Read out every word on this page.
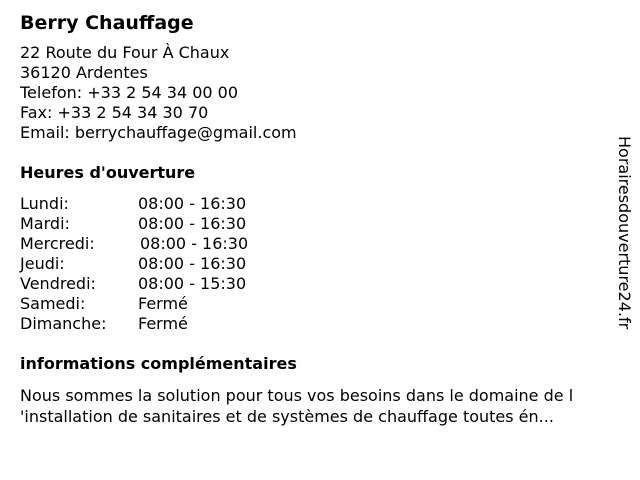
Berry Chauffage
22 Route du Four À Chaux
36120 Ardentes
Telefon: +33 2 54 34 00 00
Fax: +33 2 54 34 30 70
Email: berrychauffage@gmail.com
Heures d'ouverture
Lundi:	08:00 - 16:30
Mardi:	08:00 - 16:30
Mercredi:	08:00 - 16:30
Jeudi:	08:00 - 16:30
Vendredi:	08:00 - 15:30
Samedi:	Fermé
Dimanche: Fermé
informations complémentaires
Nous sommes la solution pour tous vos besoins dans le domaine de l
'installation de sanitaires et de systèmes de chauffage toutes én...
Horairesdouverture24.fr
